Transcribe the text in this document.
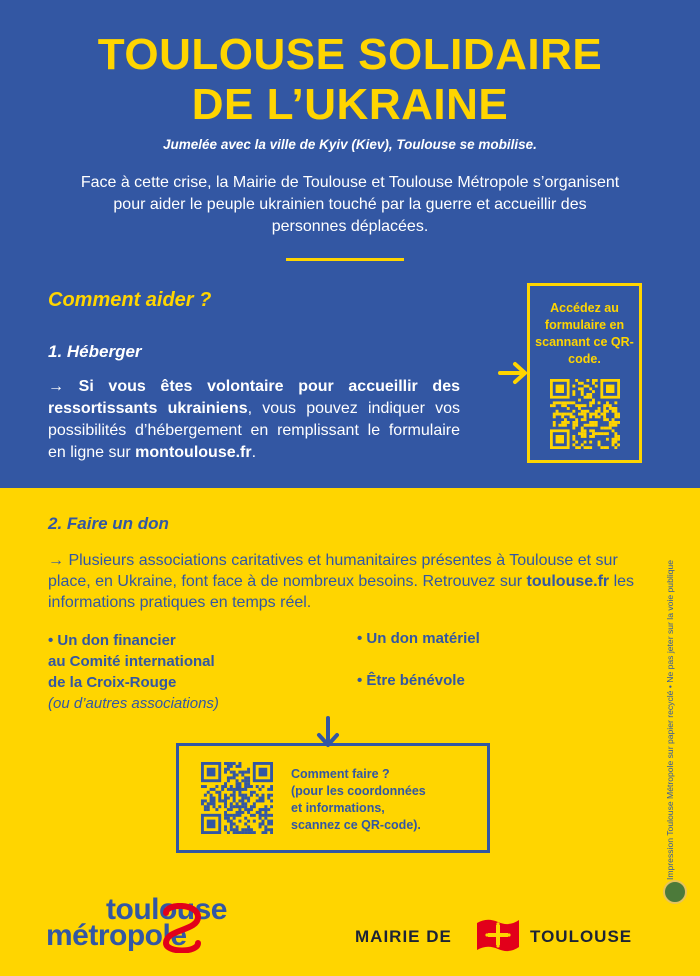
TOULOUSE SOLIDAIRE
DE L’UKRAINE
Jumelée avec la ville de Kyiv (Kiev), Toulouse se mobilise.
Face à cette crise, la Mairie de Toulouse et Toulouse Métropole s’organisent pour aider le peuple ukrainien touché par la guerre et accueillir des personnes déplacées.
Comment aider ?
1. Héberger
→ Si vous êtes volontaire pour accueillir des ressortissants ukrainiens, vous pouvez indiquer vos possibilités d’hébergement en remplissant le formulaire en ligne sur montoulouse.fr.
Accédez au formulaire en scannant ce QR-code.
2. Faire un don
→ Plusieurs associations caritatives et humanitaires présentes à Toulouse et sur place, en Ukraine, font face à de nombreux besoins. Retrouvez sur toulouse.fr les informations pratiques en temps réel.
• Un don financier
au Comité international
de la Croix-Rouge
(ou d’autres associations)
• Un don matériel
• Être bénévole
Comment faire ?
(pour les coordonnées
et informations,
scannez ce QR-code).	Impression Toulouse Métropole sur papier recyclé • Ne pas jeter sur la voie publique
toulouse
métropole	MAIRIE DE	TOULOUSE
